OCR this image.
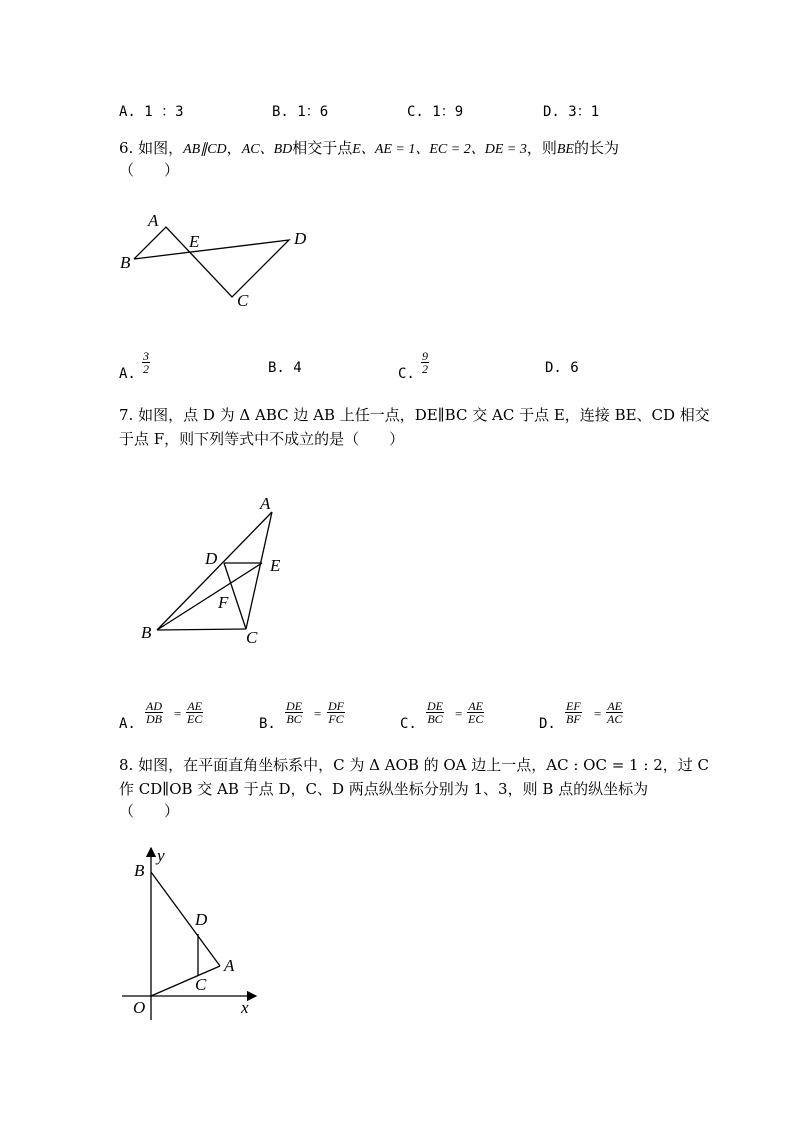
A. 1 ：3	B. 1：6	C. 1：9	D. 3：1
6. 如图，AB∥CD，AC、BD相交于点E、AE = 1、EC = 2、DE = 3，则BE的长为
（　　）
A
E	D
B
C
A. $\frac{3}{2}$	B. 4	C. $\frac{9}{2}$	D. 6
7. 如图，点 D 为 Δ ABC 边 AB 上任一点，DE∥BC 交 AC 于点 E，连接 BE、CD 相交
于点 F，则下列等式中不成立的是（　　）
A
D	E
F
B	C
A. $\frac{AD}{DB} = \frac{AE}{EC}$	B. $\frac{DE}{BC} = \frac{DF}{FC}$	C. $\frac{DE}{BC} = \frac{AE}{EC}$	D. $\frac{EF}{BF} = \frac{AE}{AC}$
8. 如图，在平面直角坐标系中，C 为 Δ AOB 的 OA 边上一点，AC : OC = 1 : 2，过 C
作 CD∥OB 交 AB 于点 D，C、D 两点纵坐标分别为 1、3，则 B 点的纵坐标为
（　　）
y
B
D
A
C
O	x
